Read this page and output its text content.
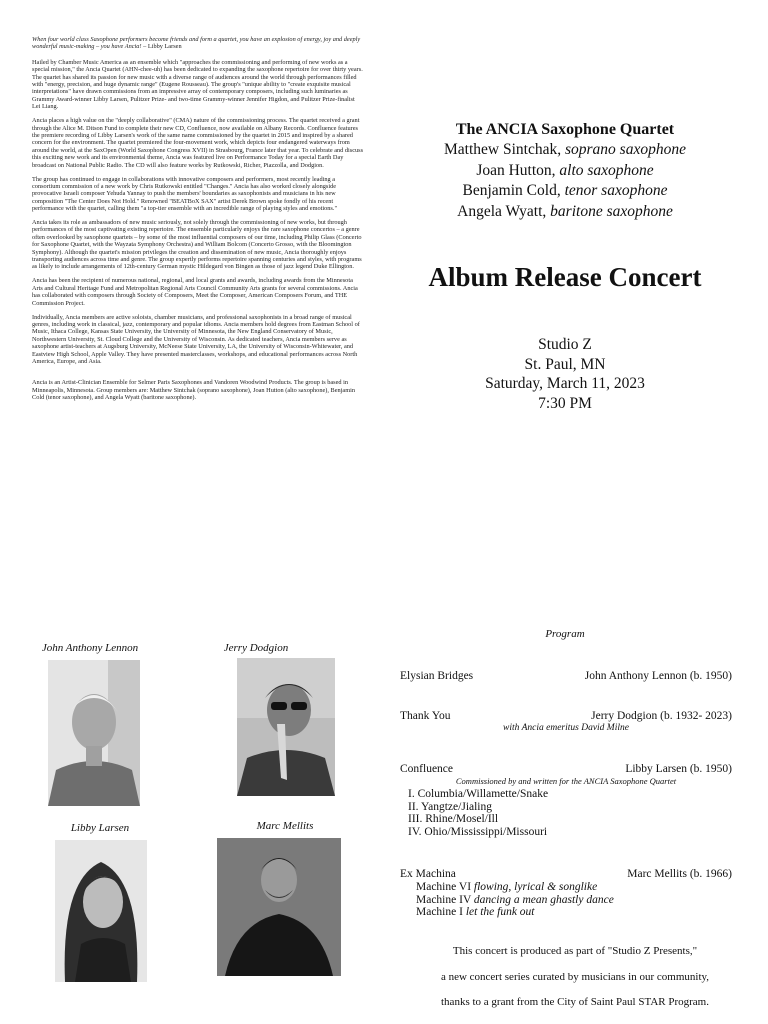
When four world class Saxophone performers become friends and form a quartet, you have an explosion of energy, joy and deeply wonderful music-making – you have Ancia! – Libby Larsen

Hailed by Chamber Music America as an ensemble which "approaches the commissioning and performing of new works as a special mission," the Ancia Quartet (AHN-chee-uh) has been dedicated to expanding the saxophone repertoire for over thirty years. The quartet has shared its passion for new music with a diverse range of audiences around the world through performances filled with "energy, precision, and huge dynamic range" (Eugene Rousseau). The group's "unique ability to "create exquisite musical interpretations" have drawn commissions from an impressive array of contemporary composers, including such luminaries as Grammy Award-winner Libby Larsen, Pulitzer Prize- and two-time Grammy-winner Jennifer Higdon, and Pulitzer Prize-finalist Lei Liang.

Ancia places a high value on the "deeply collaborative" (CMA) nature of the commissioning process. The quartet received a grant through the Alice M. Ditson Fund to complete their new CD, Confluence, now available on Albany Records. Confluence features the premiere recording of Libby Larsen's work of the same name commissioned by the quartet in 2015 and inspired by a shared concern for the environment. The quartet premiered the four-movement work, which depicts four endangered waterways from around the world, at the SaxOpen (World Saxophone Congress XVII) in Strasbourg, France later that year. To celebrate and discuss this exciting new work and its environmental theme, Ancia was featured live on Performance Today for a special Earth Day broadcast on National Public Radio. The CD will also feature works by Rutkowski, Richer, Piazzolla, and Dodgion.

The group has continued to engage in collaborations with innovative composers and performers, most recently leading a consortium commission of a new work by Chris Rutkowski entitled "Changes." Ancia has also worked closely alongside provocative Israeli composer Yehuda Yannay to push the members' boundaries as saxophonists and musicians in his new composition "The Center Does Not Hold." Renowned "BEATBoX SAX" artist Derek Brown spoke fondly of his recent performance with the quartet, calling them "a top-tier ensemble with an incredible range of playing styles and emotions."

Ancia takes its role as ambassadors of new music seriously, not solely through the commissioning of new works, but through performances of the most captivating existing repertoire. The ensemble particularly enjoys the rare saxophone concertos – a genre often overlooked by saxophone quartets – by some of the most influential composers of our time, including Philip Glass (Concerto for Saxophone Quartet, with the Wayzata Symphony Orchestra) and William Bolcom (Concerto Grosso, with the Bloomington Symphony). Although the quartet's mission privileges the creation and dissemination of new music, Ancia thoroughly enjoys transporting audiences across time and genre. The group expertly performs repertoire spanning centuries and styles, with programs as likely to include arrangements of 12th-century German mystic Hildegard von Bingen as those of jazz legend Duke Ellington.

Ancia has been the recipient of numerous national, regional, and local grants and awards, including awards from the Minnesota Arts and Cultural Heritage Fund and Metropolitan Regional Arts Council Community Arts grants for several commissions. Ancia has collaborated with composers through Society of Composers, Meet the Composer, American Composers Forum, and THE Commission Project.

Individually, Ancia members are active soloists, chamber musicians, and professional saxophonists in a broad range of musical genres, including work in classical, jazz, contemporary and popular idioms. Ancia members hold degrees from Eastman School of Music, Ithaca College, Kansas State University, the University of Minnesota, the New England Conservatory of Music, Northwestern University, St. Cloud College and the University of Wisconsin. As dedicated teachers, Ancia members serve as saxophone artist-teachers at Augsburg University, McNeese State University, LA, the University of Wisconsin-Whitewater, and Eastview High School, Apple Valley. They have presented masterclasses, workshops, and educational performances across North America, Europe, and Asia.

Ancia is an Artist-Clinician Ensemble for Selmer Paris Saxophones and Vandoren Woodwind Products. The group is based in Minneapolis, Minnesota. Group members are: Matthew Sintchak (soprano saxophone), Joan Hutton (alto saxophone), Benjamin Cold (tenor saxophone), and Angela Wyatt (baritone saxophone).

The ANCIA Saxophone Quartet
Matthew Sintchak, soprano saxophone
Joan Hutton, alto saxophone
Benjamin Cold, tenor saxophone
Angela Wyatt, baritone saxophone
Album Release Concert
Studio Z
St. Paul, MN
Saturday, March 11, 2023
7:30 PM
John Anthony Lennon	Jerry Dodgion
Libby Larsen	Marc Mellits
Program
Elysian Bridges	John Anthony Lennon (b. 1950)
Thank You	Jerry Dodgion (b. 1932- 2023)
with Ancia emeritus David Milne
Confluence	Libby Larsen (b. 1950)
Commissioned by and written for the ANCIA Saxophone Quartet
I. Columbia/Willamette/Snake
II. Yangtze/Jialing
III. Rhine/Mosel/Ill
IV. Ohio/Mississippi/Missouri
Ex Machina	Marc Mellits (b. 1966)
Machine VI flowing, lyrical & songlike
Machine IV dancing a mean ghastly dance
Machine I let the funk out
This concert is produced as part of "Studio Z Presents,"
a new concert series curated by musicians in our community,
thanks to a grant from the City of Saint Paul STAR Program.
